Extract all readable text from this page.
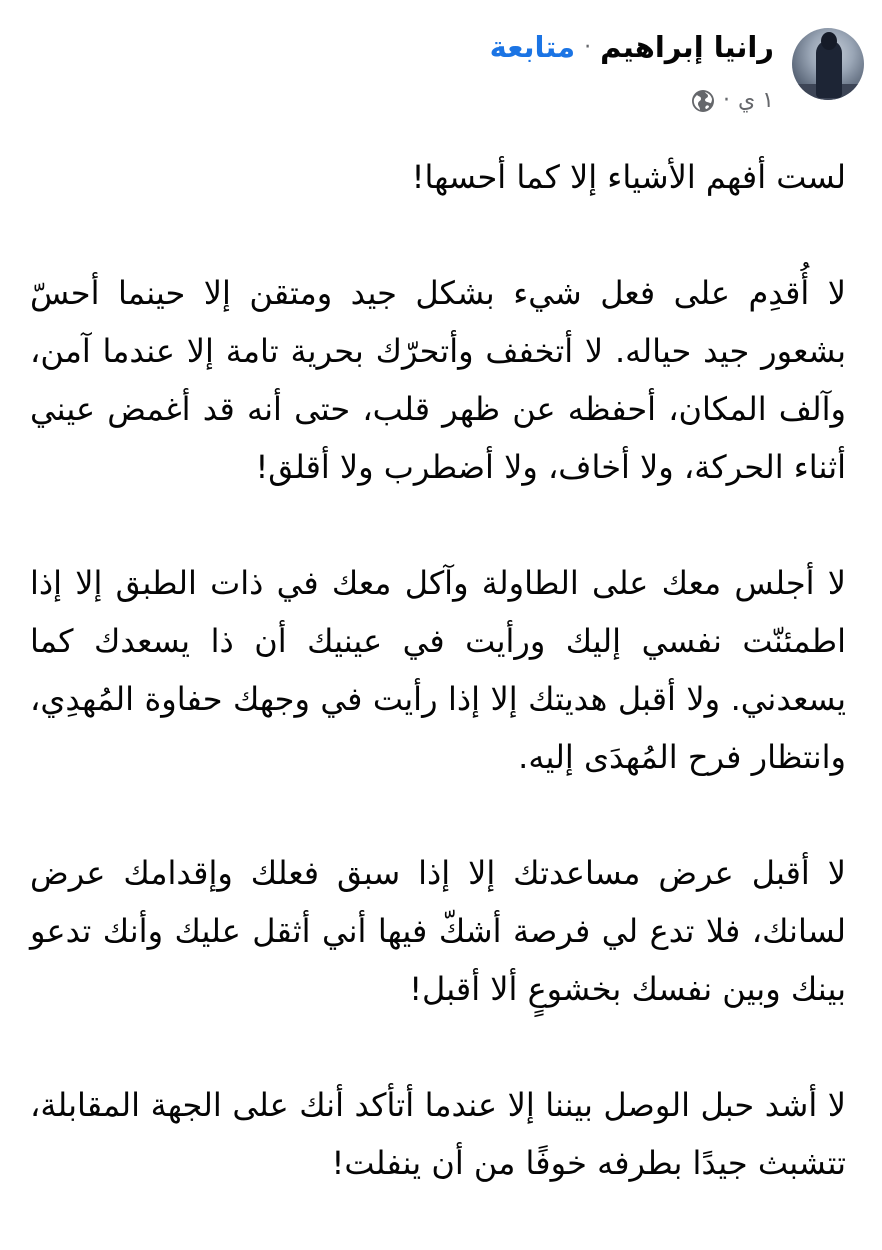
رانيا إبراهيم
·
متابعة
١ ي
·

لست أفهم الأشياء إلا كما أحسها!

لا أُقدِم على فعل شيء بشكل جيد ومتقن إلا حينما أحسّ بشعور جيد حياله. لا أتخفف وأتحرّك بحرية تامة إلا عندما آمن، وآلف المكان، أحفظه عن ظهر قلب، حتى أنه قد أغمض عيني أثناء الحركة، ولا أخاف، ولا أضطرب ولا أقلق!

لا أجلس معك على الطاولة وآكل معك في ذات الطبق إلا إذا اطمئنّت نفسي إليك ورأيت في عينيك أن ذا يسعدك كما يسعدني. ولا أقبل هديتك إلا إذا رأيت في وجهك حفاوة المُهدِي، وانتظار فرح المُهدَى إليه.

لا أقبل عرض مساعدتك إلا إذا سبق فعلك وإقدامك عرض لسانك، فلا تدع لي فرصة أشكّ فيها أني أثقل عليك وأنك تدعو بينك وبين نفسك بخشوعٍ ألا أقبل!

لا أشد حبل الوصل بيننا إلا عندما أتأكد أنك على الجهة المقابلة، تتشبث جيدًا بطرفه خوفًا من أن ينفلت!
